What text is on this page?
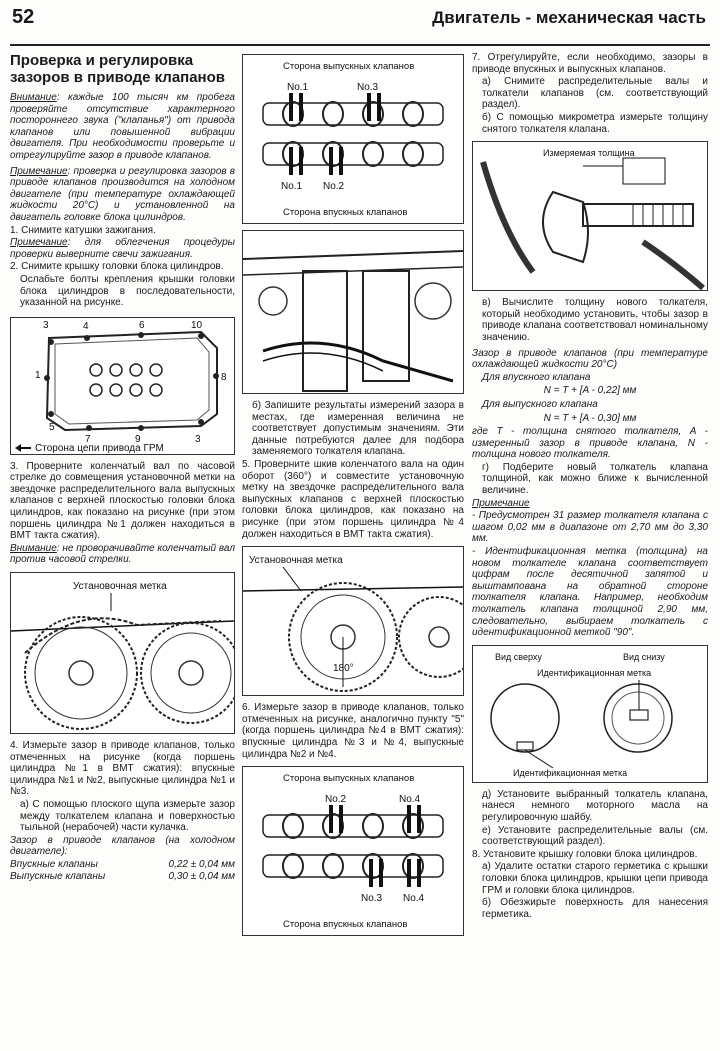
52	Двигатель - механическая часть
Проверка и регулировка зазоров в приводе клапанов

Внимание: каждые 100 тысяч км пробега проверяйте отсутствие характерного постороннего звука ("клапанья") от привода клапанов или повышенной вибрации двигателя. При необходимости проверьте и отрегулируйте зазор в приводе клапанов.

Примечание: проверка и регулировка зазоров в приводе клапанов производится на холодном двигателе (при температуре охлаждающей жидкости 20°С) и установленной на двигатель головке блока цилиндров.

1. Снимите катушки зажигания.

Примечание: для облегчения процедуры проверки выверните свечи зажигания.

2. Снимите крышку головки блока цилиндров.

Ослабьте болты крепления крышки головки блока цилиндров в последовательности, указанной на рисунке.

3	4	6	10
8
1
3
9
7
5
Сторона цепи привода ГРМ

3. Проверните коленчатый вал по часовой стрелке до совмещения установочной метки на звездочке распределительного вала выпускных клапанов с верхней плоскостью головки блока цилиндров, как показано на рисунке (при этом поршень цилиндра №1 должен находиться в ВМТ такта сжатия).

Внимание: не проворачивайте коленчатый вал против часовой стрелки.

Установочная метка

4. Измерьте зазор в приводе клапанов, только отмеченных на рисунке (когда поршень цилиндра №1 в ВМТ сжатия): впускные цилиндра №1 и №2, выпускные цилиндра №1 и №3.

а) С помощью плоского щупа измерьте зазор между толкателем клапана и поверхностью тыльной (нерабочей) части кулачка.

Зазор в приводе клапанов (на холодном двигателе):

Впускные клапаны	0,22 ± 0,04 мм
Выпускные клапаны	0,30 ± 0,04 мм
Сторона выпускных клапанов
No.1	No.3
No.1 No.2
Сторона впускных клапанов

б) Запишите результаты измерений зазора в местах, где измеренная величина не соответствует допустимым значениям. Эти данные потребуются далее для подбора заменяемого толкателя клапана.

5. Проверните шкив коленчатого вала на один оборот (360°) и совместите установочную метку на звездочке распределительного вала выпускных клапанов с верхней плоскостью головки блока цилиндров, как показано на рисунке (при этом поршень цилиндра №4 должен находиться в ВМТ такта сжатия).

Установочная метка
180°

6. Измерьте зазор в приводе клапанов, только отмеченных на рисунке, аналогично пункту "5" (когда поршень цилиндра №4 в ВМТ сжатия): впускные цилиндра №3 и №4, выпускные цилиндра №2 и №4.

Сторона выпускных клапанов
No.2	No.4
No.3 No.4
Сторона впускных клапанов

7. Отрегулируйте, если необходимо, зазоры в приводе впускных и выпускных клапанов.

а) Снимите распределительные валы и толкатели клапанов (см. соответствующий раздел).

б) С помощью микрометра измерьте толщину снятого толкателя клапана.

Измеряемая толщина

в) Вычислите толщину нового толкателя, который необходимо установить, чтобы зазор в приводе клапана соответствовал номинальному значению.

Зазор в приводе клапанов (при температуре охлаждающей жидкости 20°С)

Для впускного клапана

N = T + [A - 0,22] мм

Для выпускного клапана

N = T + [A - 0,30] мм

где T - толщина снятого толкателя, A - измеренный зазор в приводе клапана, N - толщина нового толкателя.

г) Подберите новый толкатель клапана толщиной, как можно ближе к вычисленной величине.

Примечание

- Предусмотрен 31 размер толкателя клапана с шагом 0,02 мм в диапазоне от 2,70 мм до 3,30 мм.

- Идентификационная метка (толщина) на новом толкателе клапана соответствует цифрам после десятичной запятой и выштампована на обратной стороне толкателя клапана. Например, необходим толкатель клапана толщиной 2,90 мм, следовательно, выбираем толкатель с идентификационной меткой "90".

Вид сверху	Вид снизу
Идентификационная метка
Идентификационная метка

д) Установите выбранный толкатель клапана, нанеся немного моторного масла на регулировочную шайбу.

е) Установите распределительные валы (см. соответствующий раздел).

8. Установите крышку головки блока цилиндров.

а) Удалите остатки старого герметика с крышки головки блока цилиндров, крышки цепи привода ГРМ и головки блока цилиндров.

б) Обезжирьте поверхность для нанесения герметика.
